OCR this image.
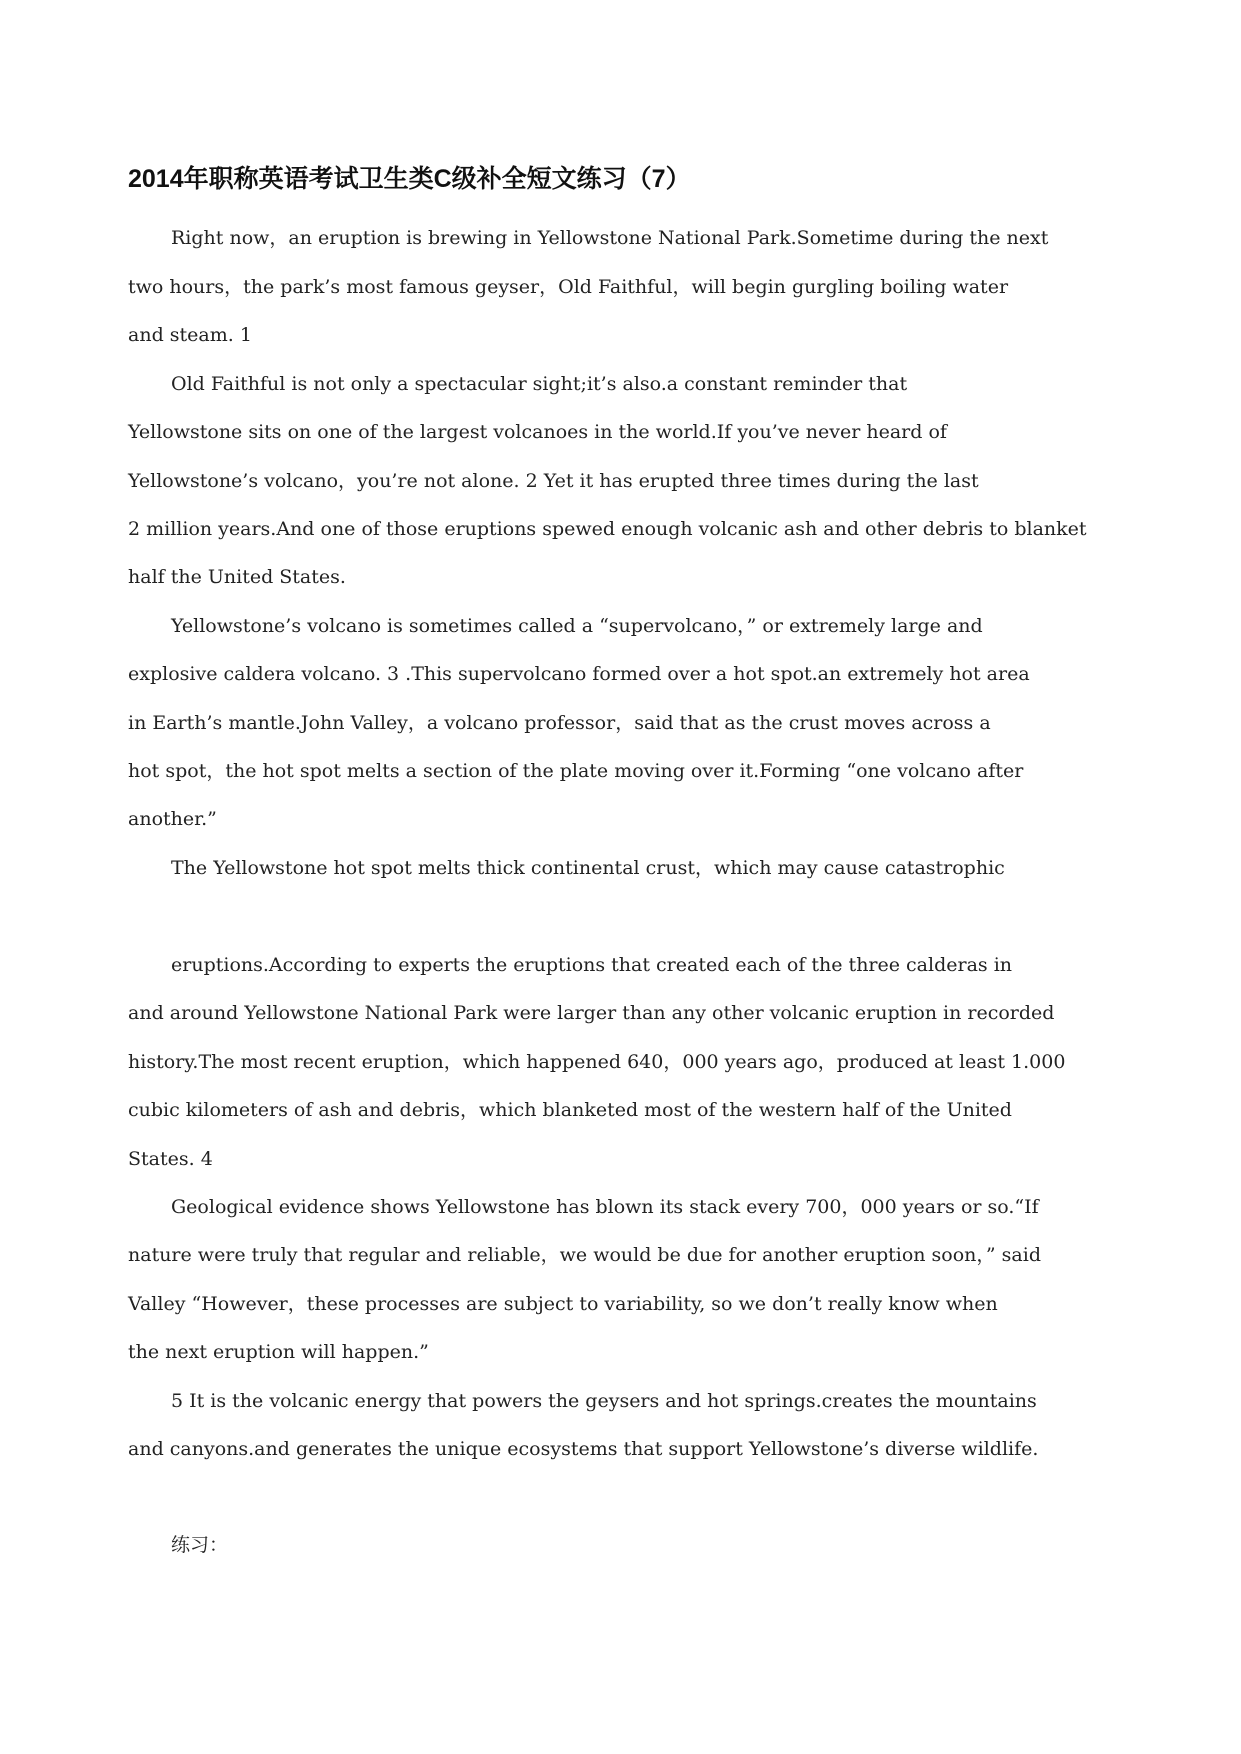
2014年职称英语考试卫生类C级补全短文练习（7）
Right now，an eruption is brewing in Yellowstone National Park.Sometime during the next
two hours，the park’s most famous geyser，Old Faithful，will begin gurgling boiling water
and steam. 1
Old Faithful is not only a spectacular sight;it’s also.a constant reminder that
Yellowstone sits on one of the largest volcanoes in the world.If you’ve never heard of
Yellowstone’s volcano，you’re not alone. 2 Yet it has erupted three times during the last
2 million years.And one of those eruptions spewed enough volcanic ash and other debris to blanket
half the United States.
Yellowstone’s volcano is sometimes called a “supervolcano，” or extremely large and
explosive caldera volcano. 3 .This supervolcano formed over a hot spot.an extremely hot area
in Earth’s mantle.John Valley，a volcano professor，said that as the crust moves across a
hot spot，the hot spot melts a section of the plate moving over it.Forming “one volcano after
another.”
The Yellowstone hot spot melts thick continental crust，which may cause catastrophic
eruptions.According to experts the eruptions that created each of the three calderas in
and around Yellowstone National Park were larger than any other volcanic eruption in recorded
history.The most recent eruption，which happened 640，000 years ago，produced at least 1.000
cubic kilometers of ash and debris，which blanketed most of the western half of the United
States. 4
Geological evidence shows Yellowstone has blown its stack every 700，000 years or so.“If
nature were truly that regular and reliable，we would be due for another eruption soon，” said
Valley “However，these processes are subject to variability, so we don’t really know when
the next eruption will happen.”
5 It is the volcanic energy that powers the geysers and hot springs.creates the mountains
and canyons.and generates the unique ecosystems that support Yellowstone’s diverse wildlife.
练习：
